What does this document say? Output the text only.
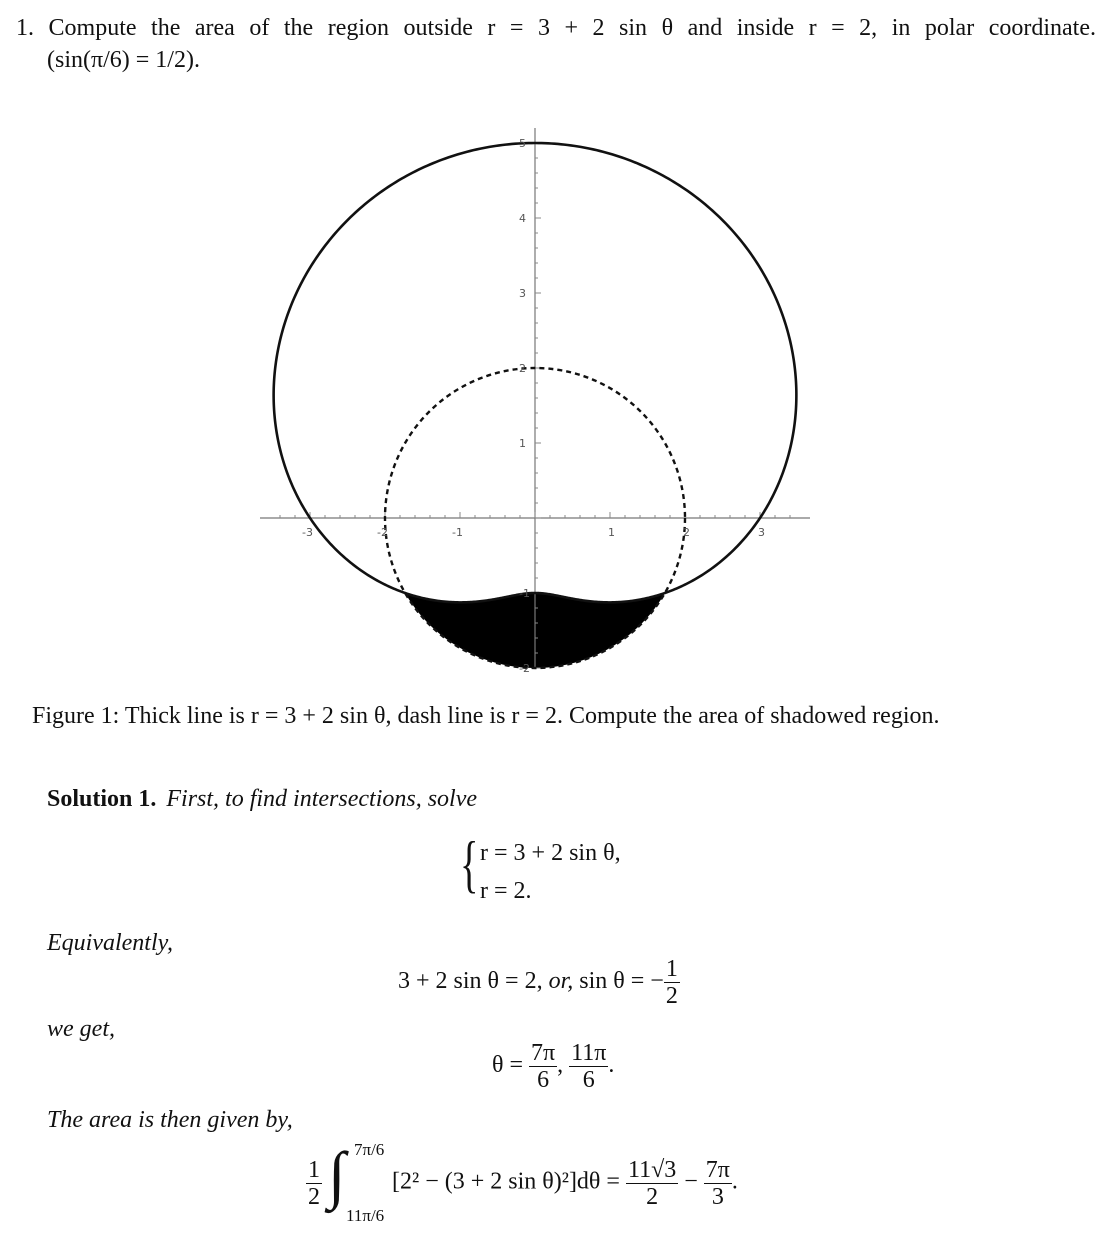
1. Compute the area of the region outside r = 3 + 2 sin θ and inside r = 2, in polar coordinate.
(sin(π/6) = 1/2).
-3	-2	-1	1	2	3
5
4
3
2
1
-1
-2
Figure 1: Thick line is r = 3 + 2 sin θ, dash line is r = 2. Compute the area of shadowed region.
Solution 1. First, to find intersections, solve
{ r = 3 + 2 sin θ,
r = 2.
Equivalently,
3 + 2 sin θ = 2, or, sin θ = − $\frac{1}{2}$
we get,
$\theta = \frac{7\pi}{6}$ , $\frac{11\pi}{6}$ .
The area is then given by,
$\frac{1}{2}$
∫ 7π/6
11π/6
[2² − (3 + 2 $\sin \theta)^2]d\theta = \frac{11√3}{2} - \frac{7\pi}{3}$ .
